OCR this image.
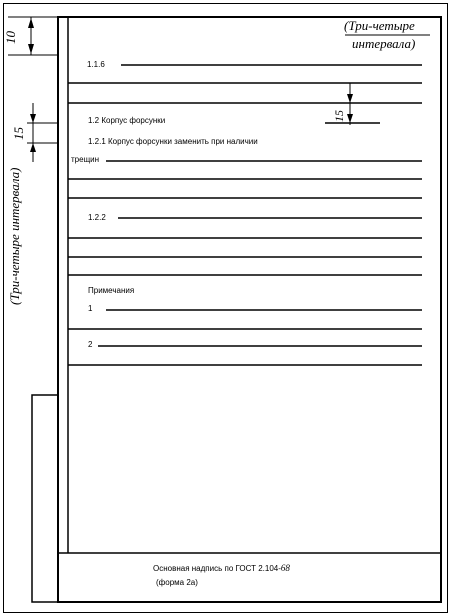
10
(Три-четыре
интервала)
15
(Три-четыре интервала)
15
1.1.6
1.2 Корпус форсунки
1.2.1 Корпус форсунки заменить при наличии
трещин
1.2.2
Примечания
1
2
Основная надпись по ГОСТ 2.104-68
(форма 2а)
